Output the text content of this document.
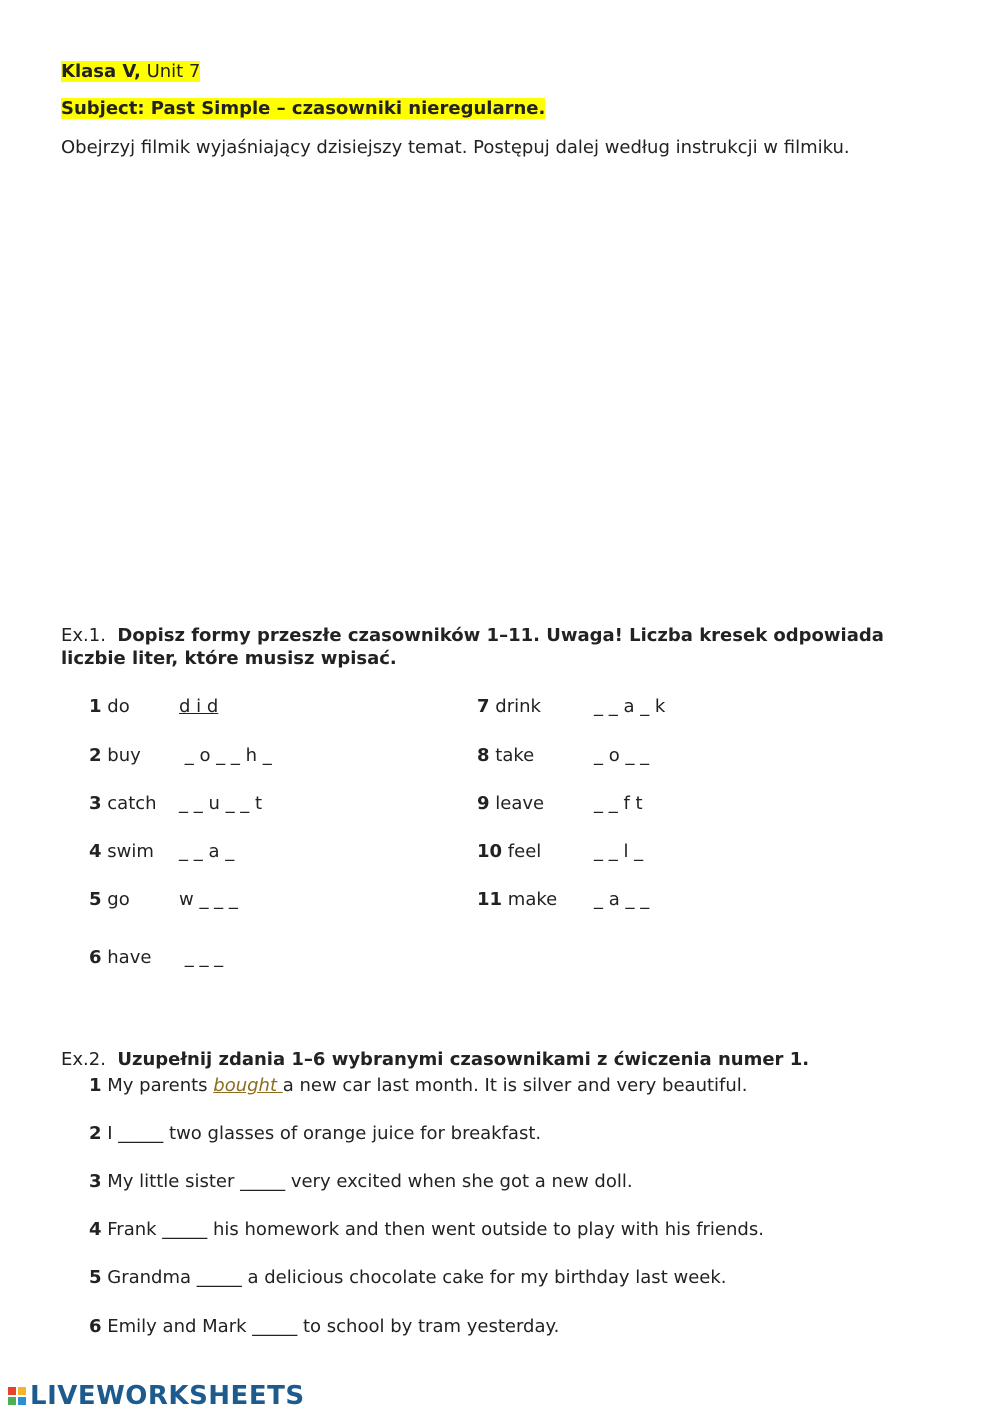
Klasa V, Unit 7
Subject: Past Simple – czasowniki nieregularne.
Obejrzyj filmik wyjaśniający dzisiejszy temat. Postępuj dalej według instrukcji w filmiku.
Ex.1. Dopisz formy przeszłe czasowników 1–11. Uwaga! Liczba kresek odpowiada
liczbie liter, które musisz wpisać.
1 do	d i d
2 buy _ o _ _ h _
3 catch _ _ u _ _ t
4 swim _ _ a _
5 go	w _ _ _
6 have _ _ _
7 drink	_ _ a _ k
8 take	_ o _ _
9 leave	_ _ f t
10 feel	_ _ l _
11 make _ a _ _
Ex.2. Uzupełnij zdania 1–6 wybranymi czasownikami z ćwiczenia numer 1.
1 My parents bought a new car last month. It is silver and very beautiful.
2 I _____ two glasses of orange juice for breakfast.
3 My little sister _____ very excited when she got a new doll.
4 Frank _____ his homework and then went outside to play with his friends.
5 Grandma _____ a delicious chocolate cake for my birthday last week.
6 Emily and Mark _____ to school by tram yesterday.
LIVEWORKSHEETS
